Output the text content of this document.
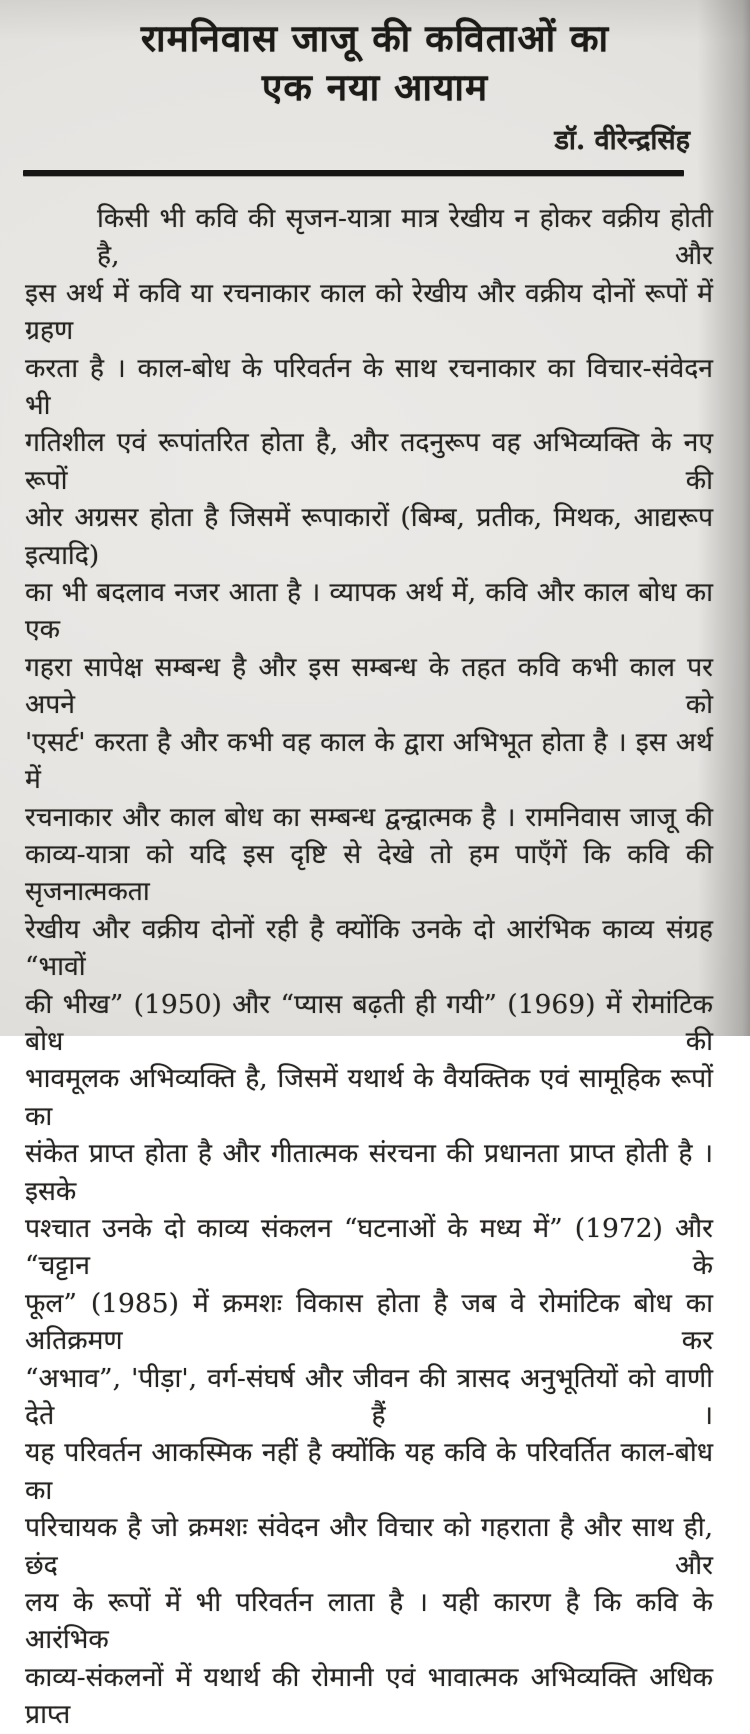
रामनिवास जाजू की कविताओं का
एक नया आयाम
डॉ. वीरेन्द्रसिंह
किसी भी कवि की सृजन-यात्रा मात्र रेखीय न होकर वक्रीय होती है, और
इस अर्थ में कवि या रचनाकार काल को रेखीय और वक्रीय दोनों रूपों में ग्रहण
करता है । काल-बोध के परिवर्तन के साथ रचनाकार का विचार-संवेदन भी
गतिशील एवं रूपांतरित होता है, और तदनुरूप वह अभिव्यक्ति के नए रूपों की
ओर अग्रसर होता है जिसमें रूपाकारों (बिम्ब, प्रतीक, मिथक, आद्यरूप इत्यादि)
का भी बदलाव नजर आता है । व्यापक अर्थ में, कवि और काल बोध का एक
गहरा सापेक्ष सम्बन्ध है और इस सम्बन्ध के तहत कवि कभी काल पर अपने को
'एसर्ट' करता है और कभी वह काल के द्वारा अभिभूत होता है । इस अर्थ में
रचनाकार और काल बोध का सम्बन्ध द्वन्द्वात्मक है । रामनिवास जाजू की
काव्य-यात्रा को यदि इस दृष्टि से देखे तो हम पाएँगें कि कवि की सृजनात्मकता
रेखीय और वक्रीय दोनों रही है क्योंकि उनके दो आरंभिक काव्य संग्रह “भावों
की भीख” (1950) और “प्यास बढ़ती ही गयी” (1969) में रोमांटिक बोध की
भावमूलक अभिव्यक्ति है, जिसमें यथार्थ के वैयक्तिक एवं सामूहिक रूपों का
संकेत प्राप्त होता है और गीतात्मक संरचना की प्रधानता प्राप्त होती है । इसके
पश्चात उनके दो काव्य संकलन “घटनाओं के मध्य में” (1972) और “चट्टान के
फूल” (1985) में क्रमशः विकास होता है जब वे रोमांटिक बोध का अतिक्रमण कर
“अभाव”, 'पीड़ा', वर्ग-संघर्ष और जीवन की त्रासद अनुभूतियों को वाणी देते हैं ।
यह परिवर्तन आकस्मिक नहीं है क्योंकि यह कवि के परिवर्तित काल-बोध का
परिचायक है जो क्रमशः संवेदन और विचार को गहराता है और साथ ही, छंद और
लय के रूपों में भी परिवर्तन लाता है । यही कारण है कि कवि के आरंभिक
काव्य-संकलनों में यथार्थ की रोमानी एवं भावात्मक अभिव्यक्ति अधिक प्राप्त
